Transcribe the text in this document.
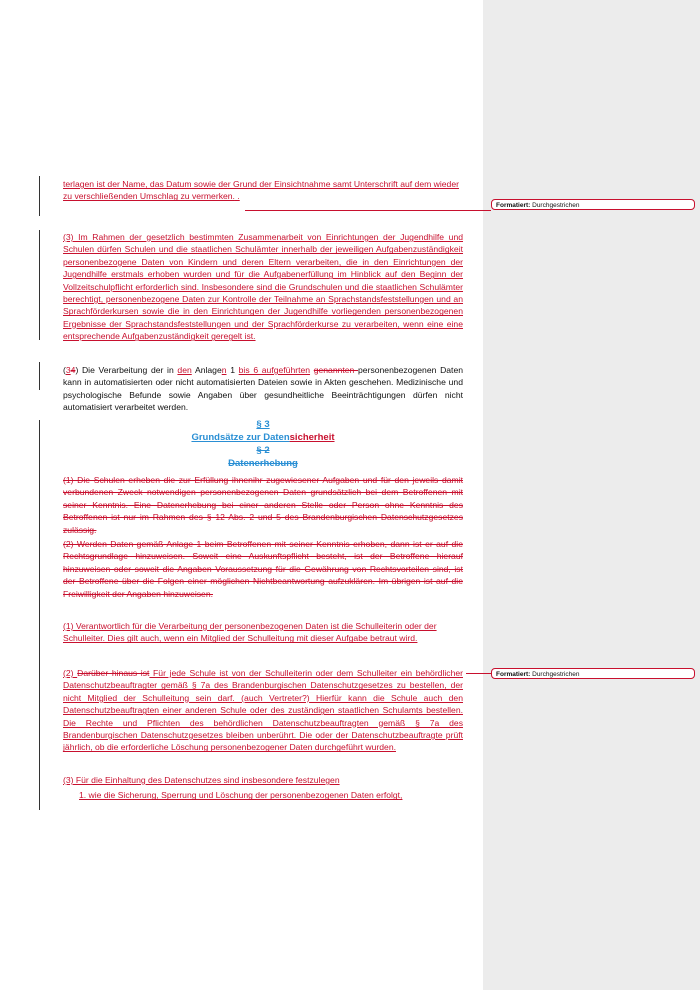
Formatiert: Durchgestrichen
Formatiert: Durchgestrichen
terlagen ist der Name, das Datum sowie der Grund der Einsichtnahme samt Unterschrift auf dem wieder
zu verschließenden Umschlag zu vermerken. .
(3) Im Rahmen der gesetzlich bestimmten Zusammenarbeit von Einrichtungen der Jugendhilfe und Schulen dürfen Schulen und die staatlichen Schulämter innerhalb der jeweiligen Aufgabenzuständigkeit personenbezogene Daten von Kindern und deren Eltern verarbeiten, die in den Einrichtungen der Jugendhilfe erstmals erhoben wurden und für die Aufgabenerfüllung im Hinblick auf den Beginn der Vollzeitschulpflicht erforderlich sind. Insbesondere sind die Grundschulen und die staatlichen Schulämter berechtigt, personenbezogene Daten zur Kontrolle der Teilnahme an Sprachstandsfeststellungen und an Sprachförderkursen sowie die in den Einrichtungen der Jugendhilfe vorliegenden personenbezogenen Ergebnisse der Sprachstandsfeststellungen und der Sprachförderkurse zu verarbeiten, wenn eine eine entsprechende Aufgabenzuständigkeit geregelt ist.
(34) Die Verarbeitung der in den Anlagen 1 bis 6 aufgeführten genannten personenbezogenen Daten kann in automatisierten oder nicht automatisierten Dateien sowie in Akten geschehen. Medizinische und psychologische Befunde sowie Angaben über gesundheitliche Beeinträchtigungen dürfen nicht automatisiert verarbeitet werden.
§ 3
Grundsätze zur Datensicherheit
§ 2
Datenerhebung
(1) Die Schulen erheben die zur Erfüllung ihnenihr zugewiesener Aufgaben und für den jeweils damit verbundenen Zweck notwendigen personenbezogenen Daten grundsätzlich bei dem Betroffenen mit seiner Kenntnis. Eine Datenerhebung bei einer anderen Stelle oder Person ohne Kenntnis des Betroffenen ist nur im Rahmen des § 12 Abs. 2 und 5 des Brandenburgischen Datenschutzgesetzes zulässig.
(2) Werden Daten gemäß Anlage 1 beim Betroffenen mit seiner Kenntnis erhoben, dann ist er auf die Rechtsgrundlage hinzuweisen. Soweit eine Auskunftspflicht besteht, ist der Betroffene hierauf hinzuweisen oder soweit die Angaben Voraussetzung für die Gewährung von Rechtsvorteilen sind, ist der Betroffene über die Folgen einer möglichen Nichtbeantwortung aufzuklären. Im übrigen ist auf die Freiwilligkeit der Angaben hinzuweisen.
(1) Verantwortlich für die Verarbeitung der personenbezogenen Daten ist die Schulleiterin oder der Schulleiter. Dies gilt auch, wenn ein Mitglied der Schulleitung mit dieser Aufgabe betraut wird.
(2) Darüber hinaus ist Für jede Schule ist von der Schulleiterin oder dem Schulleiter ein behördlicher Datenschutzbeauftragter gemäß § 7a des Brandenburgischen Datenschutzgesetzes zu bestellen, der nicht Mitglied der Schulleitung sein darf. (auch Vertreter?) Hierfür kann die Schule auch den Datenschutzbeauftragten einer anderen Schule oder des zuständigen staatlichen Schulamts bestellen. Die Rechte und Pflichten des behördlichen Datenschutzbeauftragten gemäß § 7a des Brandenburgischen Datenschutzgesetzes bleiben unberührt. Die oder der Datenschutzbeauftragte prüft jährlich, ob die erforderliche Löschung personenbezogener Daten durchgeführt wurden.
(3) Für die Einhaltung des Datenschutzes sind insbesondere festzulegen
1. wie die Sicherung, Sperrung und Löschung der personenbezogenen Daten erfolgt,
